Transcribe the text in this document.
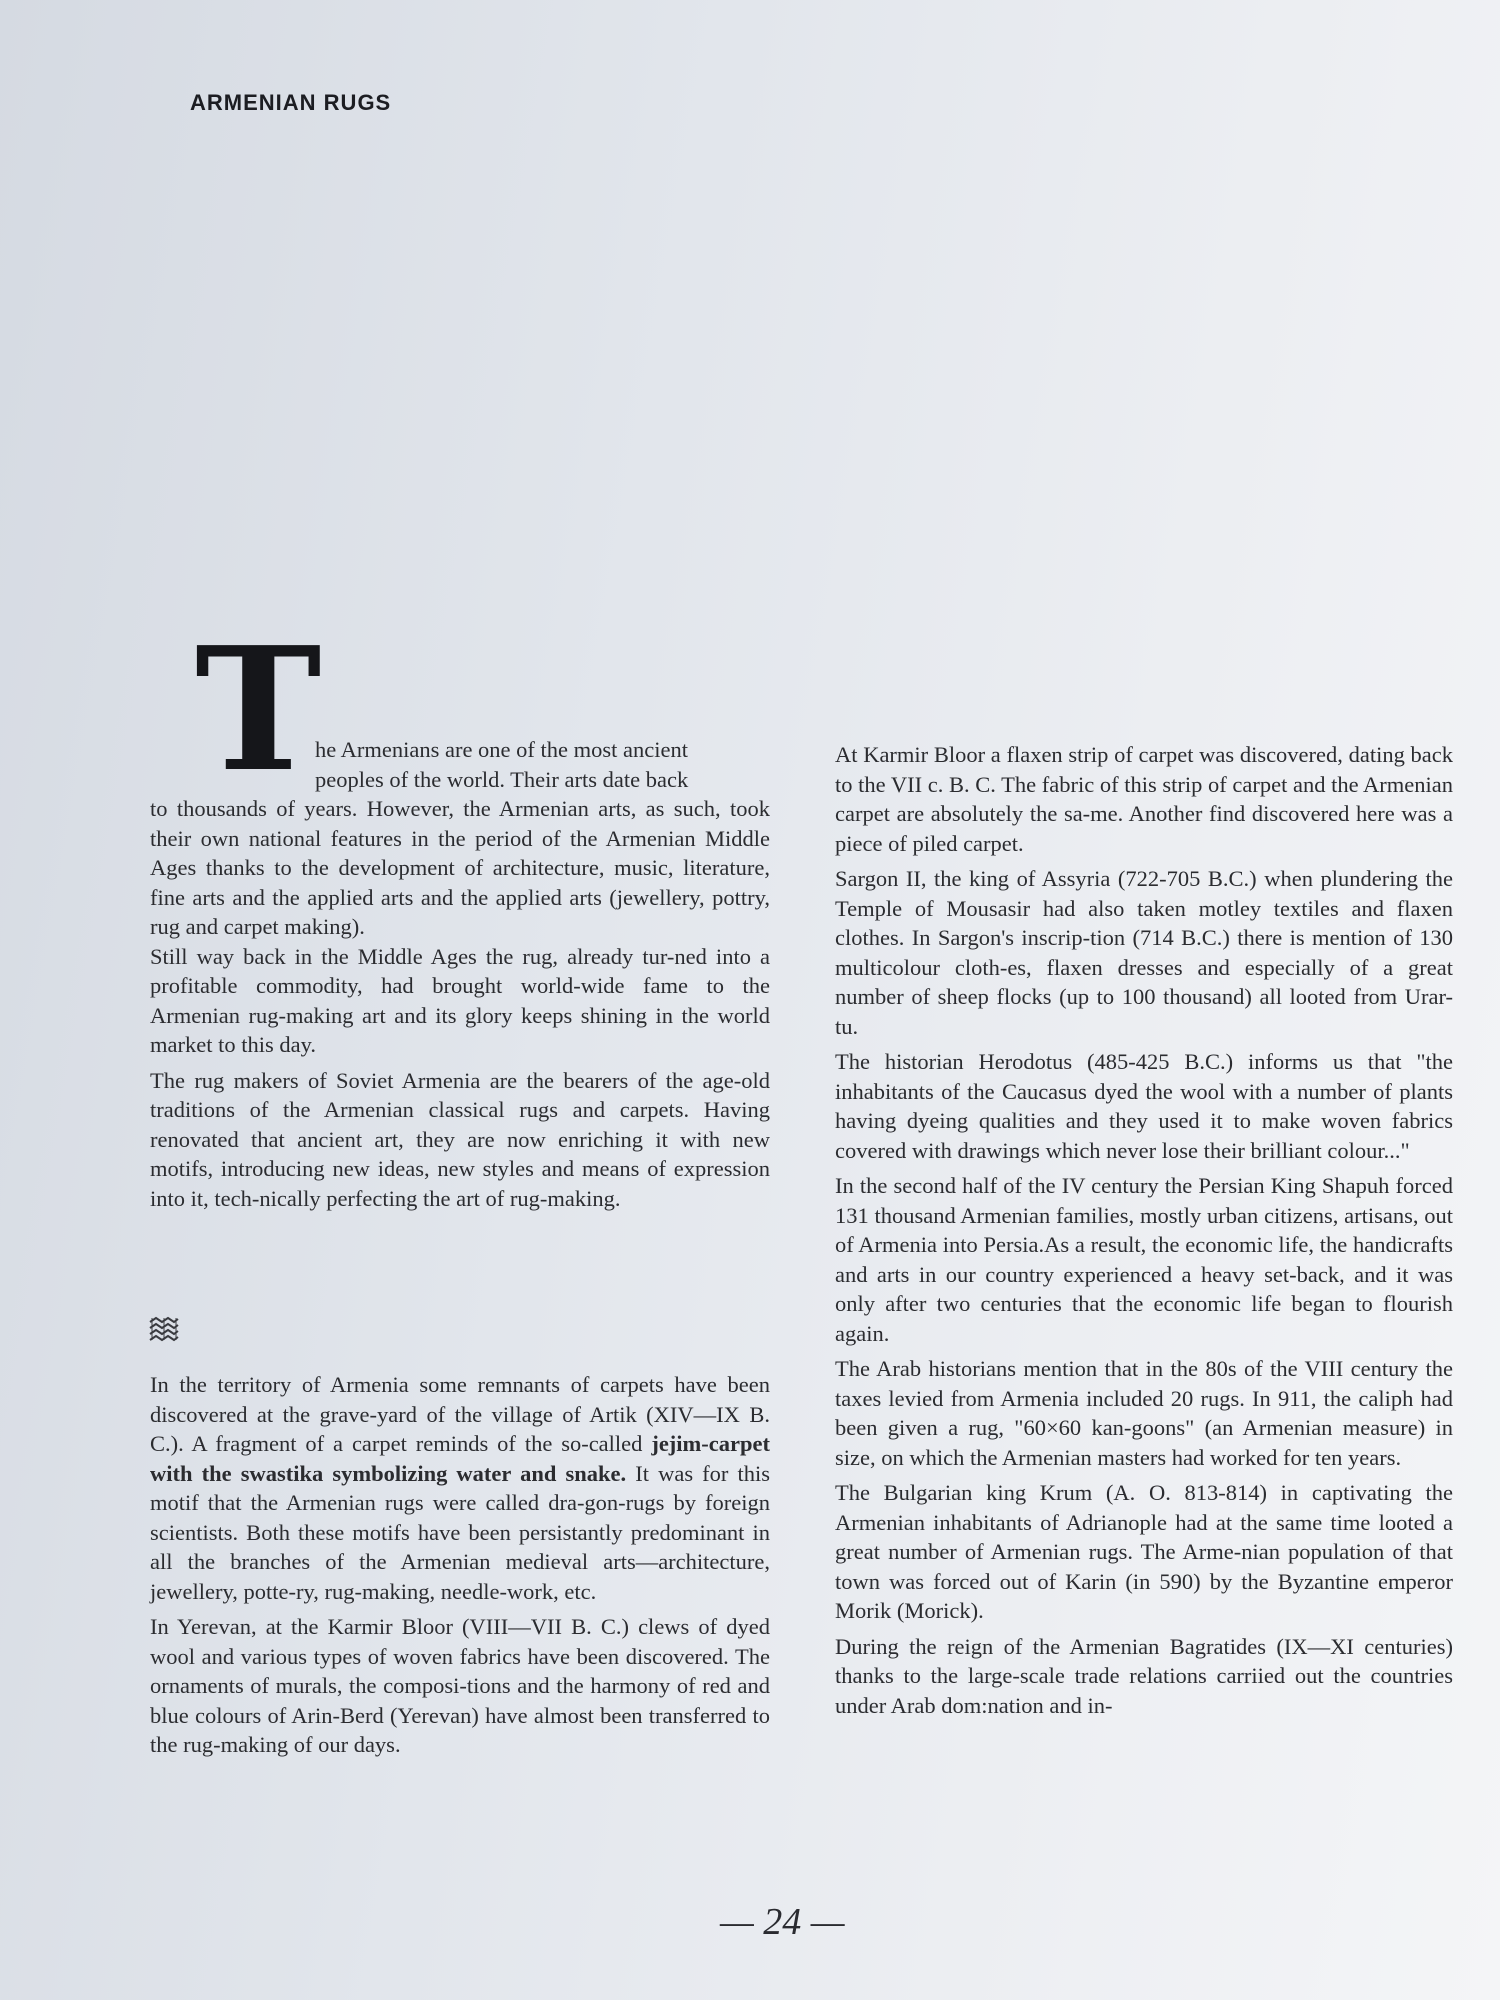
ARMENIAN RUGS
T

he Armenians are one of the most ancient
peoples of the world. Their arts date back
to thousands of years. However, the Armenian arts, as such, took their own national features in the period of the Armenian Middle Ages thanks to the development of architecture, music, literature, fine arts and the applied arts and the applied arts (jewellery, pottry, rug and carpet making).

Still way back in the Middle Ages the rug, already tur-ned into a profitable commodity, had brought world-wide fame to the Armenian rug-making art and its glory keeps shining in the world market to this day.

The rug makers of Soviet Armenia are the bearers of the age-old traditions of the Armenian classical rugs and carpets. Having renovated that ancient art, they are now enriching it with new motifs, introducing new ideas, new styles and means of expression into it, tech-nically perfecting the art of rug-making.

In the territory of Armenia some remnants of carpets have been discovered at the grave-yard of the village of Artik (XIV—IX B. C.). A fragment of a carpet reminds of the so-called jejim-carpet with the swastika symbolizing water and snake. It was for this motif that the Armenian rugs were called dra-gon-rugs by foreign scientists. Both these motifs have been persistantly predominant in all the branches of the Armenian medieval arts—architecture, jewellery, potte-ry, rug-making, needle-work, etc.

In Yerevan, at the Karmir Bloor (VIII—VII B. C.) clews of dyed wool and various types of woven fabrics have been discovered. The ornaments of murals, the composi-tions and the harmony of red and blue colours of Arin-Berd (Yerevan) have almost been transferred to the rug-making of our days.

At Karmir Bloor a flaxen strip of carpet was discovered, dating back to the VII c. B. C. The fabric of this strip of carpet and the Armenian carpet are absolutely the sa-me. Another find discovered here was a piece of piled carpet.

Sargon II, the king of Assyria (722-705 B.C.) when plundering the Temple of Mousasir had also taken motley textiles and flaxen clothes. In Sargon's inscrip-tion (714 B.C.) there is mention of 130 multicolour cloth-es, flaxen dresses and especially of a great number of sheep flocks (up to 100 thousand) all looted from Urar-tu.

The historian Herodotus (485-425 B.C.) informs us that "the inhabitants of the Caucasus dyed the wool with a number of plants having dyeing qualities and they used it to make woven fabrics covered with drawings which never lose their brilliant colour..."

In the second half of the IV century the Persian King Shapuh forced 131 thousand Armenian families, mostly urban citizens, artisans, out of Armenia into Persia.As a result, the economic life, the handicrafts and arts in our country experienced a heavy set-back, and it was only after two centuries that the economic life began to flourish again.

The Arab historians mention that in the 80s of the VIII century the taxes levied from Armenia included 20 rugs. In 911, the caliph had been given a rug, "60×60 kan-goons" (an Armenian measure) in size, on which the Armenian masters had worked for ten years.

The Bulgarian king Krum (A. O. 813-814) in captivating the Armenian inhabitants of Adrianople had at the same time looted a great number of Armenian rugs. The Arme-nian population of that town was forced out of Karin (in 590) by the Byzantine emperor Morik (Morick).

During the reign of the Armenian Bagratides (IX—XI centuries) thanks to the large-scale trade relations carriied out the countries under Arab dom:nation and in-

— 24 —
